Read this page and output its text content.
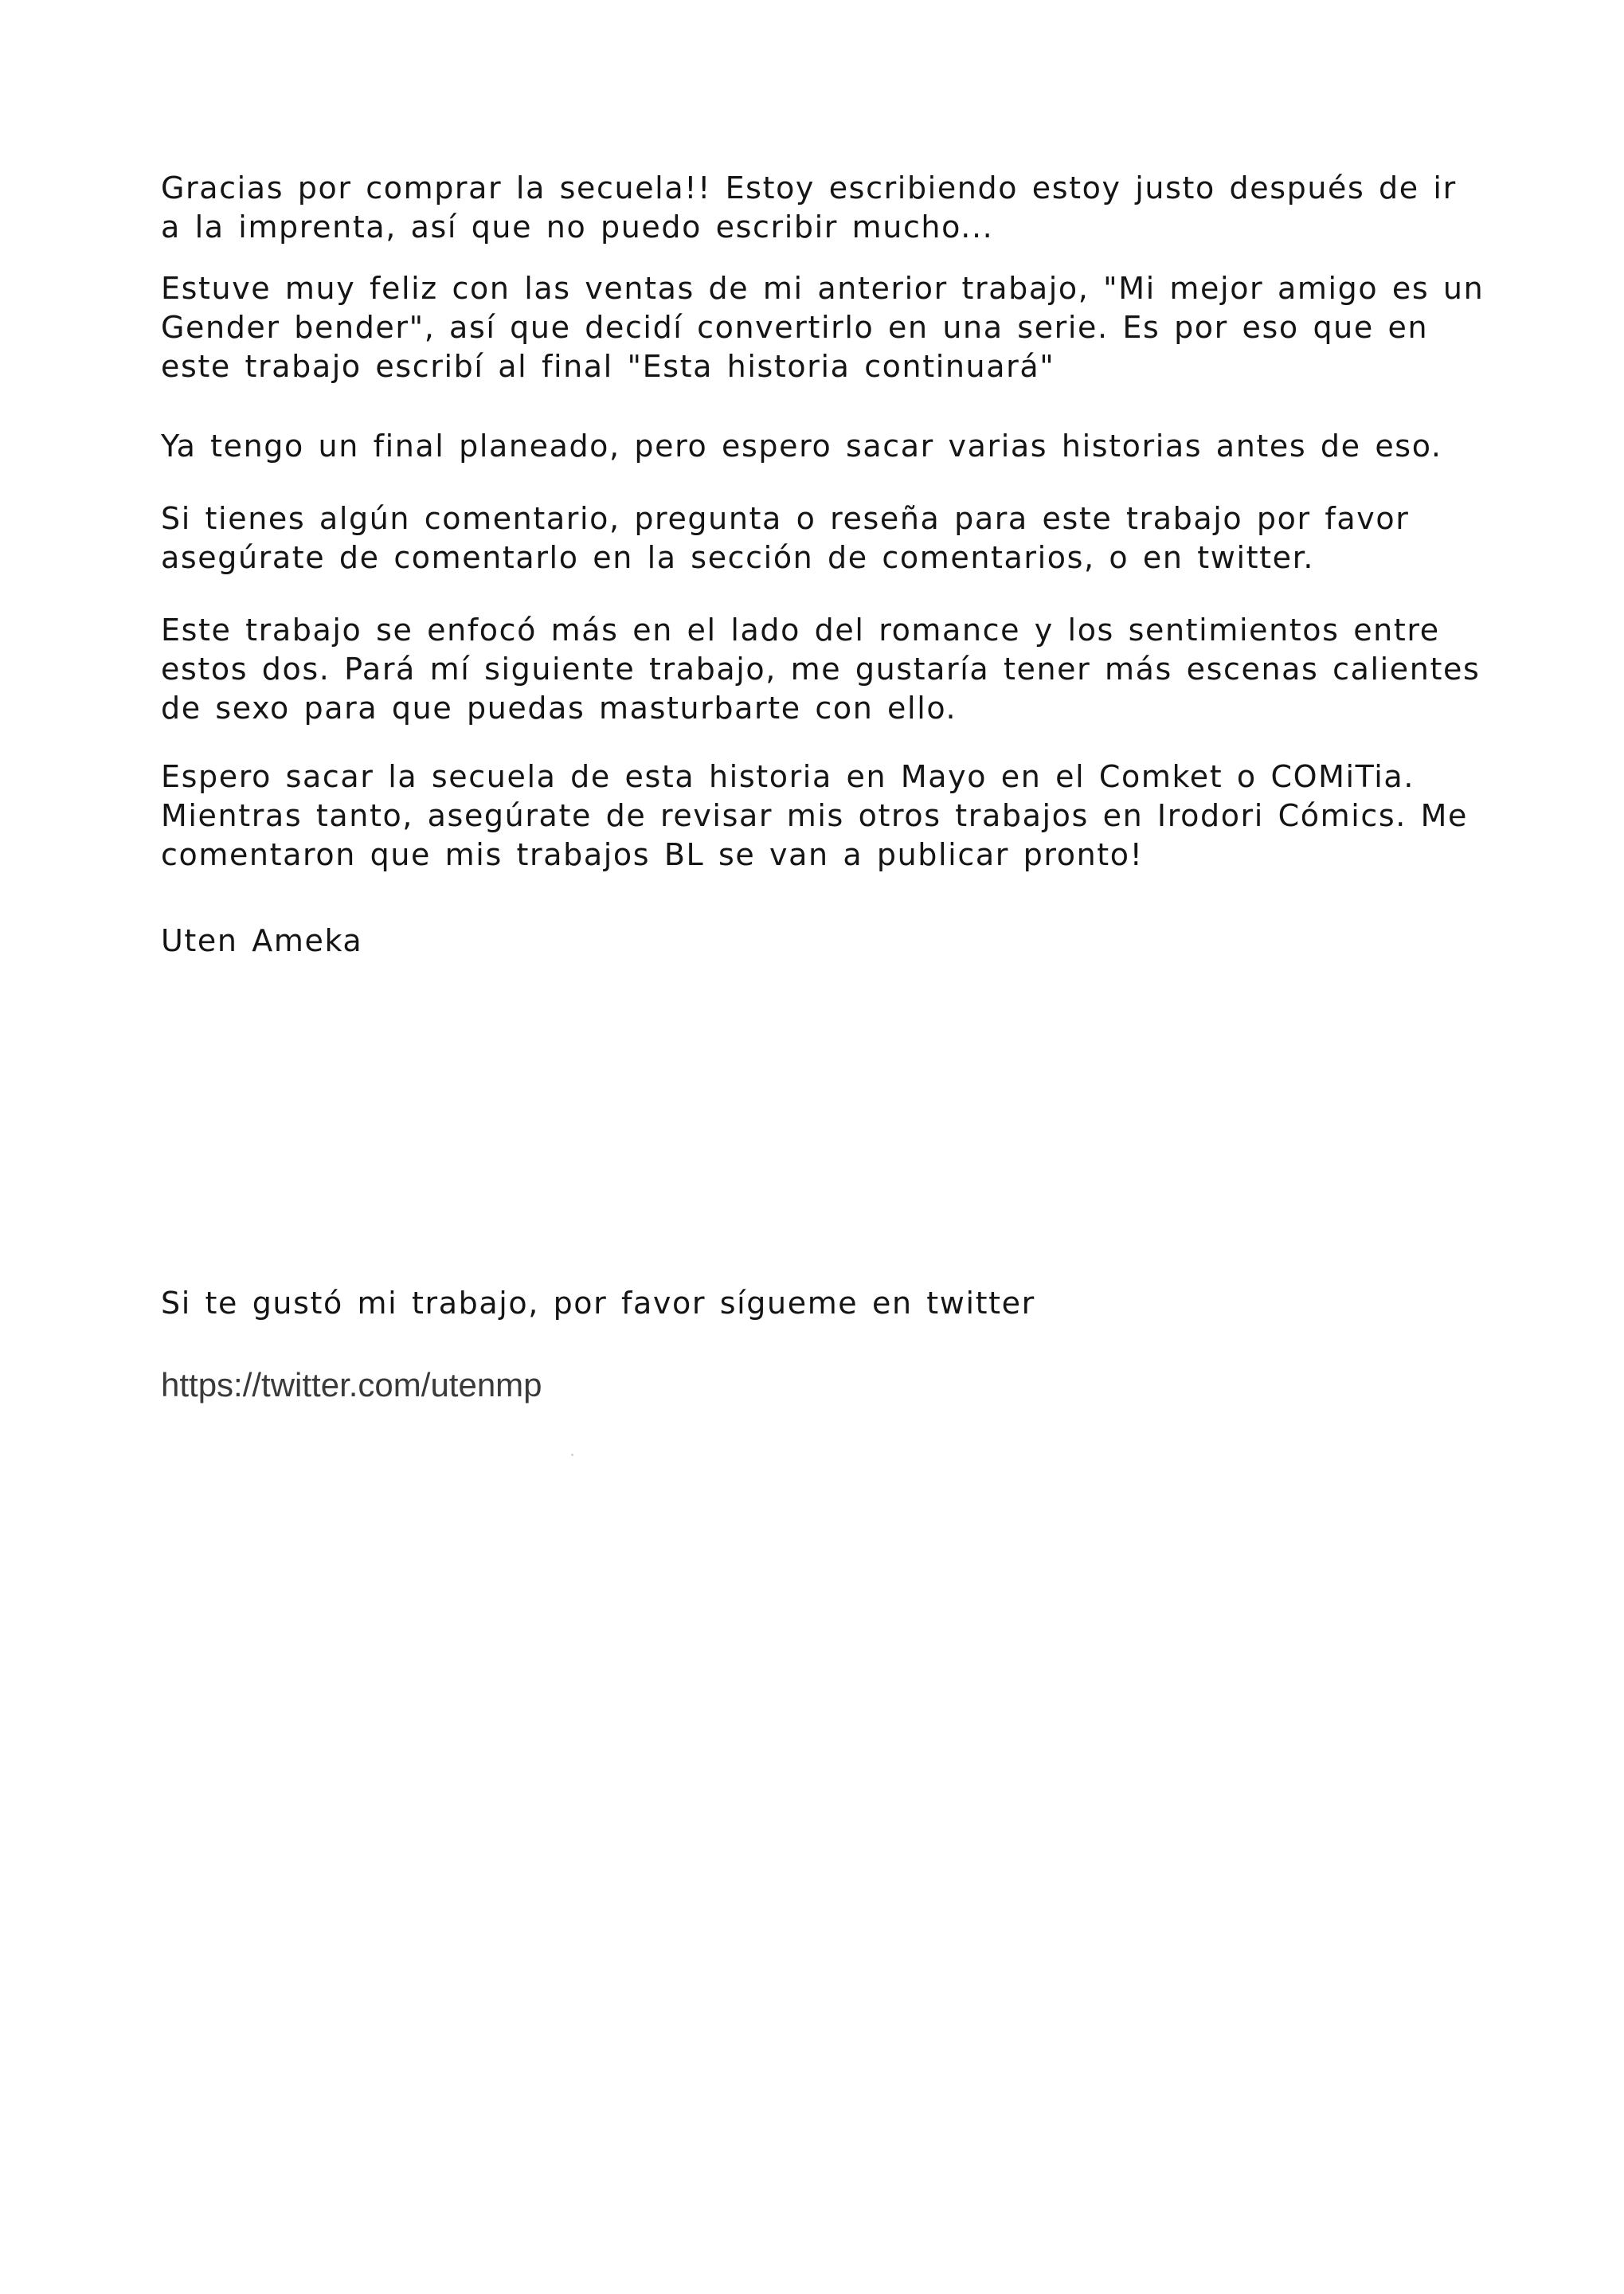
Gracias por comprar la secuela!! Estoy escribiendo estoy justo después de ir
a la imprenta, así que no puedo escribir mucho...

Estuve muy feliz con las ventas de mi anterior trabajo, "Mi mejor amigo es un
Gender bender", así que decidí convertirlo en una serie. Es por eso que en
este trabajo escribí al final "Esta historia continuará"

Ya tengo un final planeado, pero espero sacar varias historias antes de eso.

Si tienes algún comentario, pregunta o reseña para este trabajo por favor
asegúrate de comentarlo en la sección de comentarios, o en twitter.

Este trabajo se enfocó más en el lado del romance y los sentimientos entre
estos dos. Pará mí siguiente trabajo, me gustaría tener más escenas calientes
de sexo para que puedas masturbarte con ello.

Espero sacar la secuela de esta historia en Mayo en el Comket o COMiTia.
Mientras tanto, asegúrate de revisar mis otros trabajos en Irodori Cómics. Me
comentaron que mis trabajos BL se van a publicar pronto!

Uten Ameka

Si te gustó mi trabajo, por favor sígueme en twitter

https://twitter.com/utenmp
